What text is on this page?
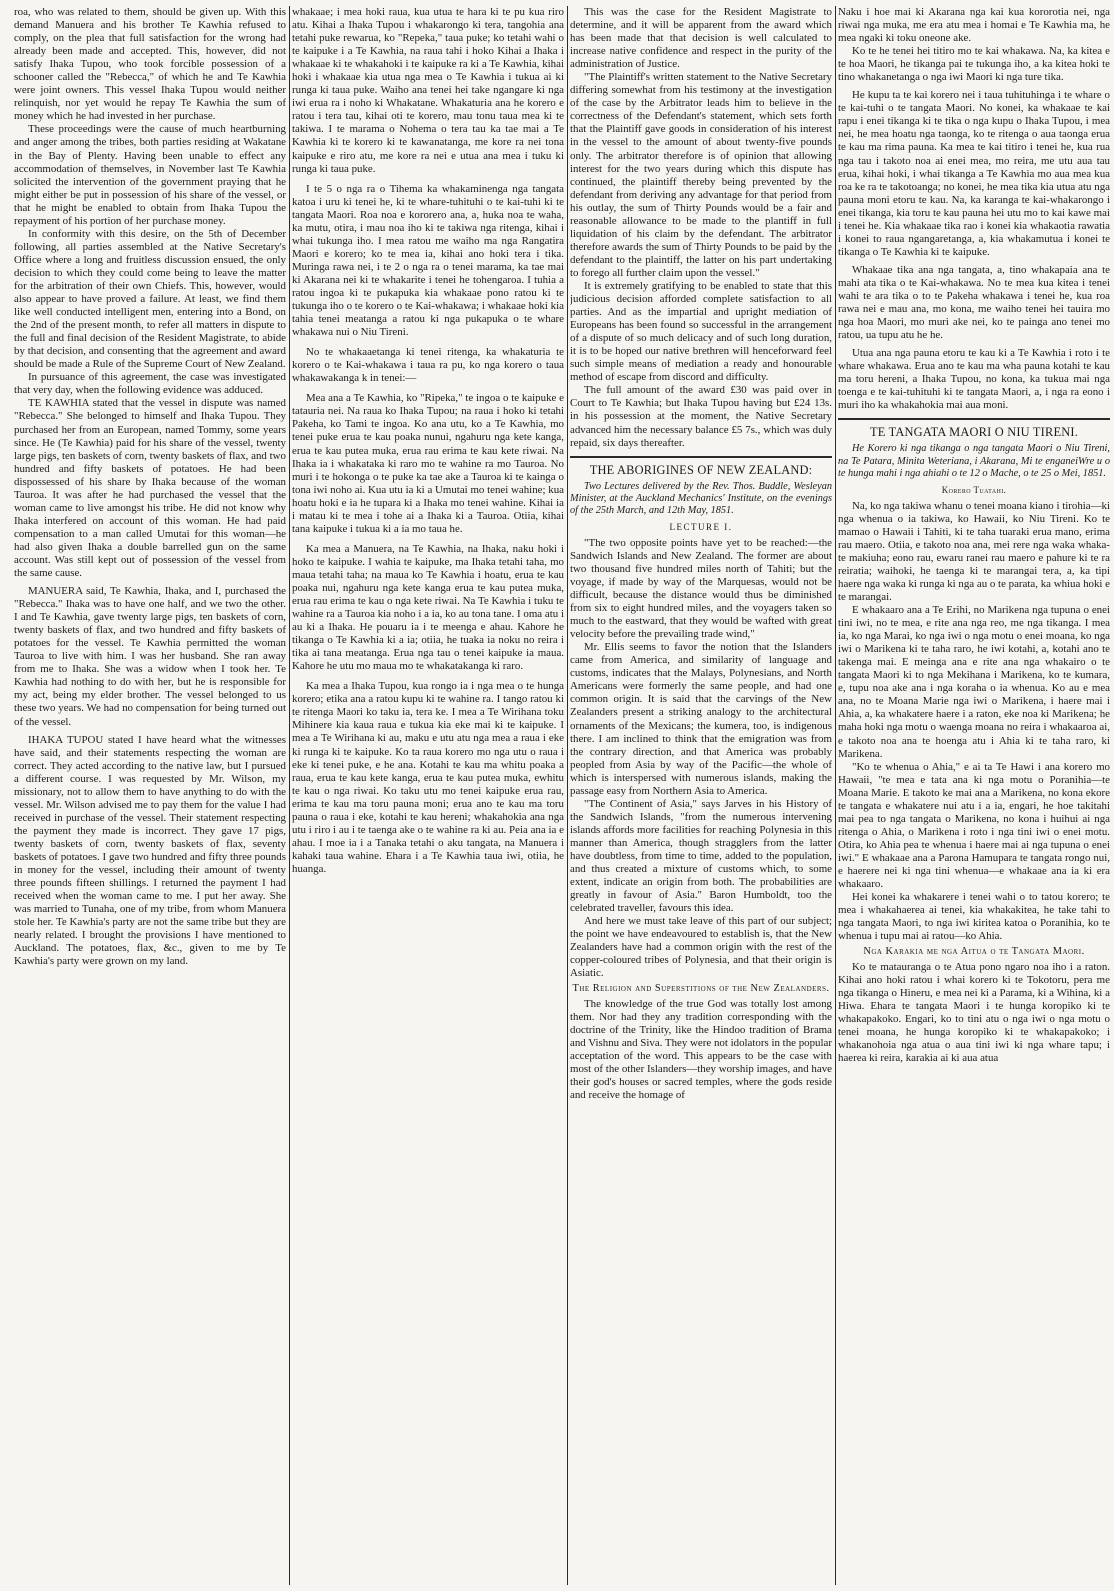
roa, who was related to them, should be given up. With this demand Manuera and his brother Te Kawhia refused to comply, on the plea that full satisfaction for the wrong had already been made and accepted. This, however, did not satisfy Ihaka Tupou, who took forcible possession of a schooner called the "Rebecca," of which he and Te Kawhia were joint owners. This vessel Ihaka Tupou would neither relinquish, nor yet would he repay Te Kawhia the sum of money which he had invested in her purchase.

These proceedings were the cause of much heartburning and anger among the tribes, both parties residing at Wakatane in the Bay of Plenty. Having been unable to effect any accommodation of themselves, in November last Te Kawhia solicited the intervention of the government praying that he might either be put in possession of his share of the vessel, or that he might be enabled to obtain from Ihaka Tupou the repayment of his portion of her purchase money.

In conformity with this desire, on the 5th of December following, all parties assembled at the Native Secretary's Office where a long and fruitless discussion ensued, the only decision to which they could come being to leave the matter for the arbitration of their own Chiefs. This, however, would also appear to have proved a failure. At least, we find them like well conducted intelligent men, entering into a Bond, on the 2nd of the present month, to refer all matters in dispute to the full and final decision of the Resident Magistrate, to abide by that decision, and consenting that the agreement and award should be made a Rule of the Supreme Court of New Zealand.

In pursuance of this agreement, the case was investigated that very day, when the following evidence was adduced.

TE KAWHIA stated that the vessel in dispute was named "Rebecca." She belonged to himself and Ihaka Tupou. They purchased her from an European, named Tommy, some years since. He (Te Kawhia) paid for his share of the vessel, twenty large pigs, ten baskets of corn, twenty baskets of flax, and two hundred and fifty baskets of potatoes. He had been dispossessed of his share by Ihaka because of the woman Tauroa. It was after he had purchased the vessel that the woman came to live amongst his tribe. He did not know why Ihaka interfered on account of this woman. He had paid compensation to a man called Umutai for this woman—he had also given Ihaka a double barrelled gun on the same account. Was still kept out of possession of the vessel from the same cause.

MANUERA said, Te Kawhia, Ihaka, and I, purchased the "Rebecca." Ihaka was to have one half, and we two the other. I and Te Kawhia, gave twenty large pigs, ten baskets of corn, twenty baskets of flax, and two hundred and fifty baskets of potatoes for the vessel. Te Kawhia permitted the woman Tauroa to live with him. I was her husband. She ran away from me to Ihaka. She was a widow when I took her. Te Kawhia had nothing to do with her, but he is responsible for my act, being my elder brother. The vessel belonged to us these two years. We had no compensation for being turned out of the vessel.

IHAKA TUPOU stated I have heard what the witnesses have said, and their statements respecting the woman are correct. They acted according to the native law, but I pursued a different course. I was requested by Mr. Wilson, my missionary, not to allow them to have anything to do with the vessel. Mr. Wilson advised me to pay them for the value I had received in purchase of the vessel. Their statement respecting the payment they made is incorrect. They gave 17 pigs, twenty baskets of corn, twenty baskets of flax, seventy baskets of potatoes. I gave two hundred and fifty three pounds in money for the vessel, including their amount of twenty three pounds fifteen shillings. I returned the payment I had received when the woman came to me. I put her away. She was married to Tunaha, one of my tribe, from whom Manuera stole her. Te Kawhia's party are not the same tribe but they are nearly related. I brought the provisions I have mentioned to Auckland. The potatoes, flax, &c., given to me by Te Kawhia's party were grown on my land.

whakaae; i mea hoki raua, kua utua te hara ki te pu kua riro atu. Kihai a Ihaka Tupou i whakarongo ki tera, tangohia ana tetahi puke rewarua, ko "Repeka," taua puke; ko tetahi wahi o te kaipuke i a Te Kawhia, na raua tahi i hoko Kihai a Ihaka i whakaae ki te whakahoki i te kaipuke ra ki a Te Kawhia, kihai hoki i whakaae kia utua nga mea o Te Kawhia i tukua ai ki runga ki taua puke. Waiho ana tenei hei take ngangare ki nga iwi erua ra i noho ki Whakatane. Whakaturia ana he korero e ratou i tera tau, kihai oti te korero, mau tonu taua mea ki te takiwa. I te marama o Nohema o tera tau ka tae mai a Te Kawhia ki te korero ki te kawanatanga, me kore ra nei tona kaipuke e riro atu, me kore ra nei e utua ana mea i tuku ki runga ki taua puke.

I te 5 o nga ra o Tihema ka whakaminenga nga tangata katoa i uru ki tenei he, ki te whare-tuhituhi o te kai-tuhi ki te tangata Maori. Roa noa e kororero ana, a, huka noa te waha, ka mutu, otira, i mau noa iho ki te takiwa nga ritenga, kihai i whai tukunga iho. I mea ratou me waiho ma nga Rangatira Maori e korero; ko te mea ia, kihai ano hoki tera i tika. Muringa rawa nei, i te 2 o nga ra o tenei marama, ka tae mai ki Akarana nei ki te whakarite i tenei he tohengaroa. I tuhia a ratou ingoa ki te pukapuka kia whakaae pono ratou ki te tukunga iho o te korero o te Kai-whakawa; i whakaae hoki kia tahia tenei meatanga a ratou ki nga pukapuka o te whare whakawa nui o Niu Tireni.

No te whakaaetanga ki tenei ritenga, ka whakaturia te korero o te Kai-whakawa i taua ra pu, ko nga korero o taua whakawakanga k in tenei:—

Mea ana a Te Kawhia, ko "Ripeka," te ingoa o te kaipuke e tatauria nei. Na raua ko Ihaka Tupou; na raua i hoko ki tetahi Pakeha, ko Tami te ingoa. Ko ana utu, ko a Te Kawhia, mo tenei puke erua te kau poaka nunui, ngahuru nga kete kanga, erua te kau putea muka, erua rau erima te kau kete riwai. Na Ihaka ia i whakataka ki raro mo te wahine ra mo Tauroa. No muri i te hokonga o te puke ka tae ake a Tauroa ki te kainga o tona iwi noho ai. Kua utu ia ki a Umutai mo tenei wahine; kua hoatu hoki e ia he tupara ki a Ihaka mo tenei wahine. Kihai ia i matau ki te mea i tohe ai a Ihaka ki a Tauroa. Otiia, kihai tana kaipuke i tukua ki a ia mo taua he.

Ka mea a Manuera, na Te Kawhia, na Ihaka, naku hoki i hoko te kaipuke. I wahia te kaipuke, ma Ihaka tetahi taha, mo maua tetahi taha; na maua ko Te Kawhia i hoatu, erua te kau poaka nui, ngahuru nga kete kanga erua te kau putea muka, erua rau erima te kau o nga kete riwai. Na Te Kawhia i tuku te wahine ra a Tauroa kia noho i a ia, ko au tona tane. I oma atu i au ki a Ihaka. He pouaru ia i te meenga e ahau. Kahore he tikanga o Te Kawhia ki a ia; otiia, he tuaka ia noku no reira i tika ai tana meatanga. Erua nga tau o tenei kaipuke ia maua. Kahore he utu mo maua mo te whakatakanga ki raro.

Ka mea a Ihaka Tupou, kua rongo ia i nga mea o te hunga korero; etika ana a ratou kupu ki te wahine ra. I tango ratou ki te ritenga Maori ko taku ia, tera ke. I mea a Te Wirihana toku Mihinere kia kaua raua e tukua kia eke mai ki te kaipuke. I mea a Te Wirihana ki au, maku e utu atu nga mea a raua i eke ki runga ki te kaipuke. Ko ta raua korero mo nga utu o raua i eke ki tenei puke, e he ana. Kotahi te kau ma whitu poaka a raua, erua te kau kete kanga, erua te kau putea muka, ewhitu te kau o nga riwai. Ko taku utu mo tenei kaipuke erua rau, erima te kau ma toru pauna moni; erua ano te kau ma toru pauna o raua i eke, kotahi te kau hereni; whakahokia ana nga utu i riro i au i te taenga ake o te wahine ra ki au. Peia ana ia e ahau. I moe ia i a Tanaka tetahi o aku tangata, na Manuera i kahaki taua wahine. Ehara i a Te Kawhia taua iwi, otiia, he huanga.

This was the case for the Resident Magistrate to determine, and it will be apparent from the award which has been made that that decision is well calculated to increase native confidence and respect in the purity of the administration of Justice.

"The Plaintiff's written statement to the Native Secretary differing somewhat from his testimony at the investigation of the case by the Arbitrator leads him to believe in the correctness of the Defendant's statement, which sets forth that the Plaintiff gave goods in consideration of his interest in the vessel to the amount of about twenty-five pounds only. The arbitrator therefore is of opinion that allowing interest for the two years during which this dispute has continued, the plaintiff thereby being prevented by the defendant from deriving any advantage for that period from his outlay, the sum of Thirty Pounds would be a fair and reasonable allowance to be made to the plantiff in full liquidation of his claim by the defendant. The arbitrator therefore awards the sum of Thirty Pounds to be paid by the defendant to the plaintiff, the latter on his part undertaking to forego all further claim upon the vessel."

It is extremely gratifying to be enabled to state that this judicious decision afforded complete satisfaction to all parties. And as the impartial and upright mediation of Europeans has been found so successful in the arrangement of a dispute of so much delicacy and of such long duration, it is to be hoped our native brethren will henceforward feel such simple means of mediation a ready and honourable method of escape from discord and difficulty.

The full amount of the award £30 was paid over in Court to Te Kawhia; but Ihaka Tupou having but £24 13s. in his possession at the moment, the Native Secretary advanced him the necessary balance £5 7s., which was duly repaid, six days thereafter.

THE ABORIGINES OF NEW ZEALAND:
Two Lectures delivered by the Rev. Thos. Buddle, Wesleyan Minister, at the Auckland Mechanics' Institute, on the evenings of the 25th March, and 12th May, 1851.
LECTURE I.

"The two opposite points have yet to be reached:—the Sandwich Islands and New Zealand. The former are about two thousand five hundred miles north of Tahiti; but the voyage, if made by way of the Marquesas, would not be difficult, because the distance would thus be diminished from six to eight hundred miles, and the voyagers taken so much to the eastward, that they would be wafted with great velocity before the prevailing trade wind,"

Mr. Ellis seems to favor the notion that the Islanders came from America, and similarity of language and customs, indicates that the Malays, Polynesians, and North Americans were formerly the same people, and had one common origin. It is said that the carvings of the New Zealanders present a striking analogy to the architectural ornaments of the Mexicans; the kumera, too, is indigenous there. I am inclined to think that the emigration was from the contrary direction, and that America was probably peopled from Asia by way of the Pacific—the whole of which is interspersed with numerous islands, making the passage easy from Northern Asia to America.

"The Continent of Asia," says Jarves in his History of the Sandwich Islands, "from the numerous intervening islands affords more facilities for reaching Polynesia in this manner than America, though stragglers from the latter have doubtless, from time to time, added to the population, and thus created a mixture of customs which, to some extent, indicate an origin from both. The probabilities are greatly in favour of Asia." Baron Humboldt, too the celebrated traveller, favours this idea.

And here we must take leave of this part of our subject; the point we have endeavoured to establish is, that the New Zealanders have had a common origin with the rest of the copper-coloured tribes of Polynesia, and that their origin is Asiatic.

The Religion and Superstitions of the New Zealanders.

The knowledge of the true God was totally lost among them. Nor had they any tradition corresponding with the doctrine of the Trinity, like the Hindoo tradition of Brama and Vishnu and Siva. They were not idolators in the popular acceptation of the word. This appears to be the case with most of the other Islanders—they worship images, and have their god's houses or sacred temples, where the gods reside and receive the homage of

Naku i hoe mai ki Akarana nga kai kua kororotia nei, nga riwai nga muka, me era atu mea i homai e Te Kawhia ma, he mea ngaki ki toku oneone ake.

Ko te he tenei hei titiro mo te kai whakawa. Na, ka kitea e te hoa Maori, he tikanga pai te tukunga iho, a ka kitea hoki te tino whakanetanga o nga iwi Maori ki nga ture tika.

He kupu ta te kai korero nei i taua tuhituhinga i te whare o te kai-tuhi o te tangata Maori. No konei, ka whakaae te kai rapu i enei tikanga ki te tika o nga kupu o Ihaka Tupou, i mea nei, he mea hoatu nga taonga, ko te ritenga o aua taonga erua te kau ma rima pauna. Ka mea te kai titiro i tenei he, kua rua nga tau i takoto noa ai enei mea, mo reira, me utu aua tau erua, kihai hoki, i whai tikanga a Te Kawhia mo aua mea kua roa ke ra te takotoanga; no konei, he mea tika kia utua atu nga pauna moni etoru te kau. Na, ka karanga te kai-whakarongo i enei tikanga, kia toru te kau pauna hei utu mo to kai kawe mai i tenei he. Kia whakaae tika rao i konei kia whakaotia rawatia i konei to raua ngangaretanga, a, kia whakamutua i konei te tikanga o Te Kawhia ki te kaipuke.

Whakaae tika ana nga tangata, a, tino whakapaia ana te mahi ata tika o te Kai-whakawa. No te mea kua kitea i tenei wahi te ara tika o to te Pakeha whakawa i tenei he, kua roa rawa nei e mau ana, mo kona, me waiho tenei hei tauira mo nga hoa Maori, mo muri ake nei, ko te painga ano tenei mo ratou, ua tupu atu he he.

Utua ana nga pauna etoru te kau ki a Te Kawhia i roto i te whare whakawa. Erua ano te kau ma wha pauna kotahi te kau ma toru hereni, a Ihaka Tupou, no kona, ka tukua mai nga toenga e te kai-tuhituhi ki te tangata Maori, a, i nga ra eono i muri iho ka whakahokia mai aua moni.

TE TANGATA MAORI O NIU TIRENI.
He Korero ki nga tikanga o nga tangata Maori o Niu Tireni, na Te Patara, Minita Weteriana, i Akarana, Mi te enganeiWre u o te hunga mahi i nga ahiahi o te 12 o Mache, o te 25 o Mei, 1851.
Korero Tuatahi.

Na, ko nga takiwa whanu o tenei moana kiano i tirohia—ki nga whenua o ia takiwa, ko Hawaii, ko Niu Tireni. Ko te mamao o Hawaii i Tahiti, ki te taha tuaraki erua mano, erima rau maero. Otiia, e takoto noa ana, mei rere nga waka whaka-te makiuha; eono rau, ewaru ranei rau maero e pahure ki te ra reiratia; waihoki, he taenga ki te marangai tera, a, ka tipi haere nga waka ki runga ki nga au o te parata, ka whiua hoki e te marangai.

E whakaaro ana a Te Erihi, no Marikena nga tupuna o enei tini iwi, no te mea, e rite ana nga reo, me nga tikanga. I mea ia, ko nga Marai, ko nga iwi o nga motu o enei moana, ko nga iwi o Marikena ki te taha raro, he iwi kotahi, a, kotahi ano te takenga mai. E meinga ana e rite ana nga whakairo o te tangata Maori ki to nga Mekihana i Marikena, ko te kumara, e, tupu noa ake ana i nga koraha o ia whenua. Ko au e mea ana, no te Moana Marie nga iwi o Marikena, i haere mai i Ahia, a, ka whakatere haere i a raton, eke noa ki Marikena; he maha hoki nga motu o waenga moana no reira i whakaaroa ai, e takoto noa ana te hoenga atu i Ahia ki te taha raro, ki Marikena.

"Ko te whenua o Ahia," e ai ta Te Hawi i ana korero mo Hawaii, "te mea e tata ana ki nga motu o Poranihia—te Moana Marie. E takoto ke mai ana a Marikena, no kona ekore te tangata e whakatere nui atu i a ia, engari, he hoe takitahi mai pea to nga tangata o Marikena, no kona i huihui ai nga ritenga o Ahia, o Marikena i roto i nga tini iwi o enei motu. Otira, ko Ahia pea te whenua i haere mai ai nga tupuna o enei iwi." E whakaae ana a Parona Hamupara te tangata rongo nui, e haerere nei ki nga tini whenua—e whakaae ana ia ki era whakaaro.

Hei konei ka whakarere i tenei wahi o to tatou korero; te mea i whakahaerea ai tenei, kia whakakitea, he take tahi to nga tangata Maori, to nga iwi kiritea katoa o Poranihia, ko te whenua i tupu mai ai ratou—ko Ahia.

Nga Karakia me nga Aitua o te Tangata Maori.

Ko te matauranga o te Atua pono ngaro noa iho i a raton. Kihai ano hoki ratou i whai korero ki te Tokotoru, pera me nga tikanga o Hineru, e mea nei ki a Parama, ki a Wihina, ki a Hiwa. Ehara te tangata Maori i te hunga koropiko ki te whakapakoko. Engari, ko to tini atu o nga iwi o nga motu o tenei moana, he hunga koropiko ki te whakapakoko; i whakanohoia nga atua o aua tini iwi ki nga whare tapu; i haerea ki reira, karakia ai ki aua atua
